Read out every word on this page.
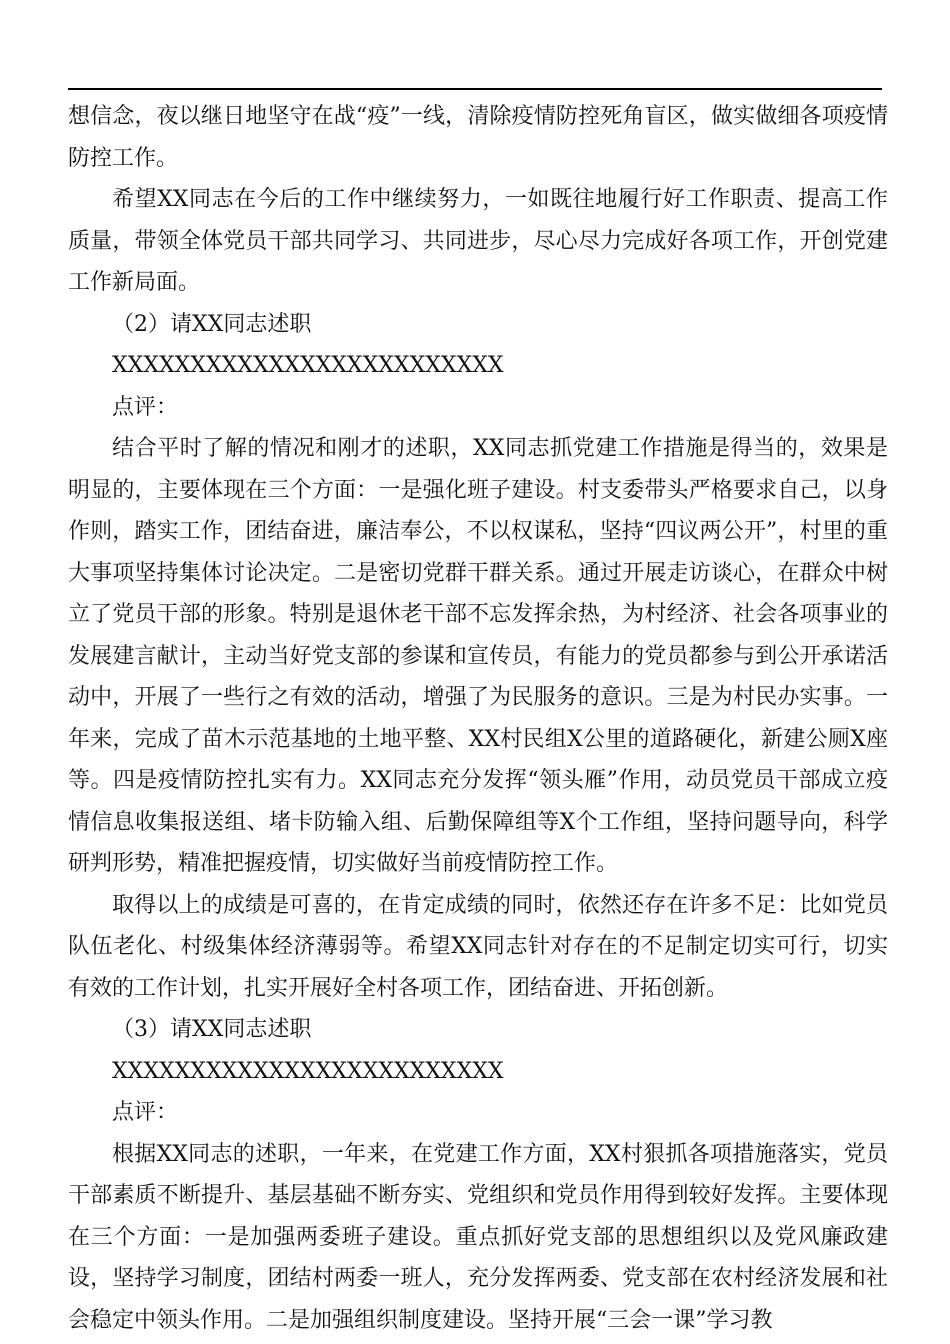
想信念，夜以继日地坚守在战“疫”一线，清除疫情防控死角盲区，做实做细各项疫情防控工作。

希望XX同志在今后的工作中继续努力，一如既往地履行好工作职责、提高工作质量，带领全体党员干部共同学习、共同进步，尽心尽力完成好各项工作，开创党建工作新局面。

（2）请XX同志述职

XXXXXXXXXXXXXXXXXXXXXXXXX

点评：

结合平时了解的情况和刚才的述职，XX同志抓党建工作措施是得当的，效果是明显的，主要体现在三个方面：一是强化班子建设。村支委带头严格要求自己，以身作则，踏实工作，团结奋进，廉洁奉公，不以权谋私，坚持“四议两公开”，村里的重大事项坚持集体讨论决定。二是密切党群干群关系。通过开展走访谈心，在群众中树立了党员干部的形象。特别是退休老干部不忘发挥余热，为村经济、社会各项事业的发展建言献计，主动当好党支部的参谋和宣传员，有能力的党员都参与到公开承诺活动中，开展了一些行之有效的活动，增强了为民服务的意识。三是为村民办实事。一年来，完成了苗木示范基地的土地平整、XX村民组X公里的道路硬化，新建公厕X座等。四是疫情防控扎实有力。XX同志充分发挥“领头雁”作用，动员党员干部成立疫情信息收集报送组、堵卡防输入组、后勤保障组等X个工作组，坚持问题导向，科学研判形势，精准把握疫情，切实做好当前疫情防控工作。

取得以上的成绩是可喜的，在肯定成绩的同时，依然还存在许多不足：比如党员队伍老化、村级集体经济薄弱等。希望XX同志针对存在的不足制定切实可行，切实有效的工作计划，扎实开展好全村各项工作，团结奋进、开拓创新。

（3）请XX同志述职

XXXXXXXXXXXXXXXXXXXXXXXXX

点评：

根据XX同志的述职，一年来，在党建工作方面，XX村狠抓各项措施落实，党员干部素质不断提升、基层基础不断夯实、党组织和党员作用得到较好发挥。主要体现在三个方面：一是加强两委班子建设。重点抓好党支部的思想组织以及党风廉政建设，坚持学习制度，团结村两委一班人，充分发挥两委、党支部在农村经济发展和社会稳定中领头作用。二是加强组织制度建设。坚持开展“三会一课”学习教
